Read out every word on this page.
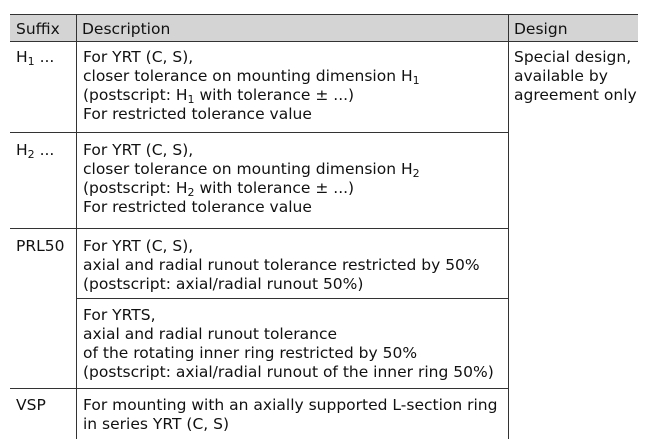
Suffix	Description	Design
$H_1$ ... For YRT (C, S),
closer tolerance on mounting dimension $H_1$
(postscript: $H_1$ with tolerance ± ...)
For restricted tolerance value
$H_2$ ... For YRT (C, S),
closer tolerance on mounting dimension $H_2$
(postscript: $H_2$ with tolerance ± ...)
For restricted tolerance value
PRL50 For YRT (C, S),
axial and radial runout tolerance restricted by 50%
(postscript: axial/radial runout 50%)
For YRTS,
axial and radial runout tolerance
of the rotating inner ring restricted by 50%
(postscript: axial/radial runout of the inner ring 50%)
VSP For mounting with an axially supported L-section ring
in series YRT (C, S)
Special design,
available by
agreement only
